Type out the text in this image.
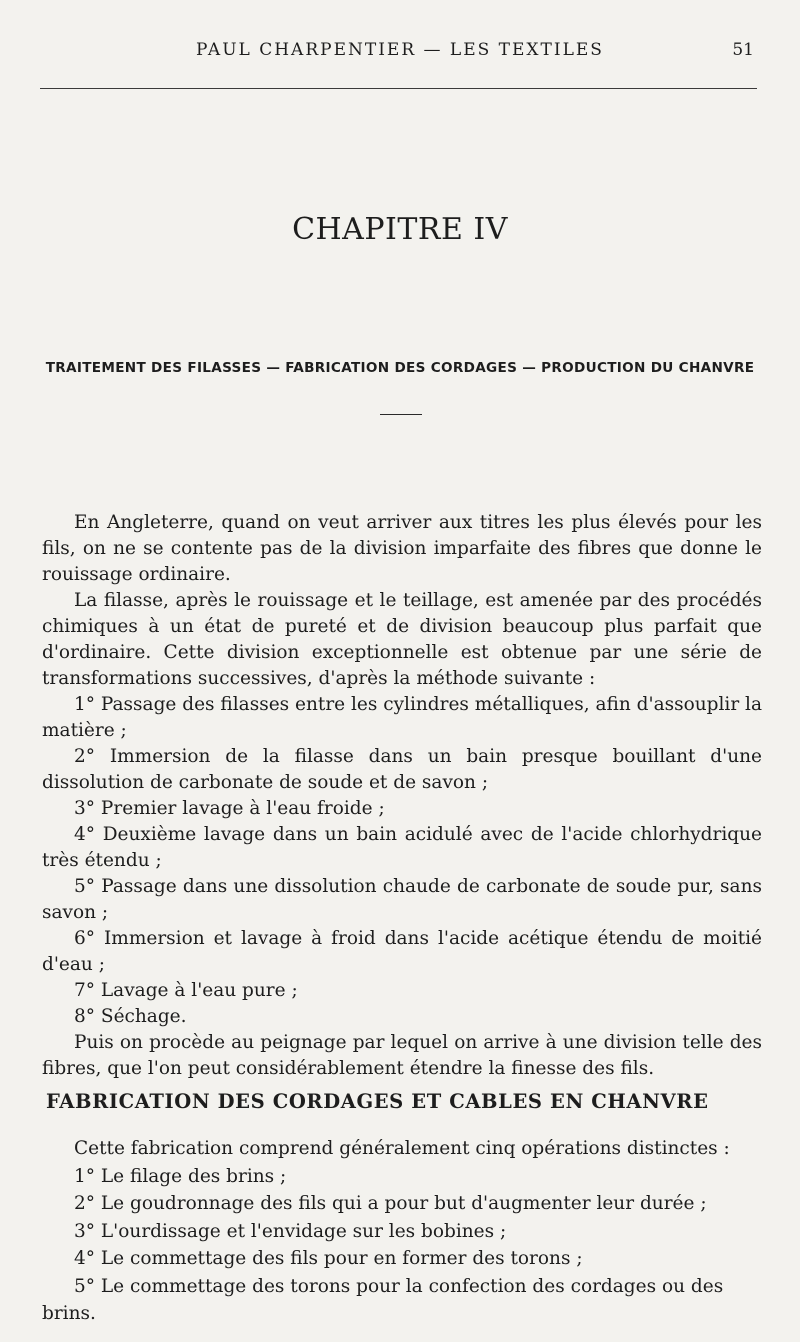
PAUL CHARPENTIER — LES TEXTILES	51
CHAPITRE IV
TRAITEMENT DES FILASSES — FABRICATION DES CORDAGES — PRODUCTION DU CHANVRE

En Angleterre, quand on veut arriver aux titres les plus élevés pour les fils, on ne se contente pas de la division imparfaite des fibres que donne le rouissage ordinaire.

La filasse, après le rouissage et le teillage, est amenée par des procédés chimiques à un état de pureté et de division beaucoup plus parfait que d'ordinaire. Cette division exceptionnelle est obtenue par une série de transformations successives, d'après la méthode suivante :

1° Passage des filasses entre les cylindres métalliques, afin d'assouplir la matière ;

2° Immersion de la filasse dans un bain presque bouillant d'une dissolution de carbonate de soude et de savon ;

3° Premier lavage à l'eau froide ;

4° Deuxième lavage dans un bain acidulé avec de l'acide chlorhydrique très étendu ;

5° Passage dans une dissolution chaude de carbonate de soude pur, sans savon ;

6° Immersion et lavage à froid dans l'acide acétique étendu de moitié d'eau ;

7° Lavage à l'eau pure ;

8° Séchage.

Puis on procède au peignage par lequel on arrive à une division telle des fibres, que l'on peut considérablement étendre la finesse des fils.

FABRICATION DES CORDAGES ET CABLES EN CHANVRE

Cette fabrication comprend généralement cinq opérations distinctes :

1° Le filage des brins ;

2° Le goudronnage des fils qui a pour but d'augmenter leur durée ;

3° L'ourdissage et l'envidage sur les bobines ;

4° Le commettage des fils pour en former des torons ;

5° Le commettage des torons pour la confection des cordages ou des brins.
